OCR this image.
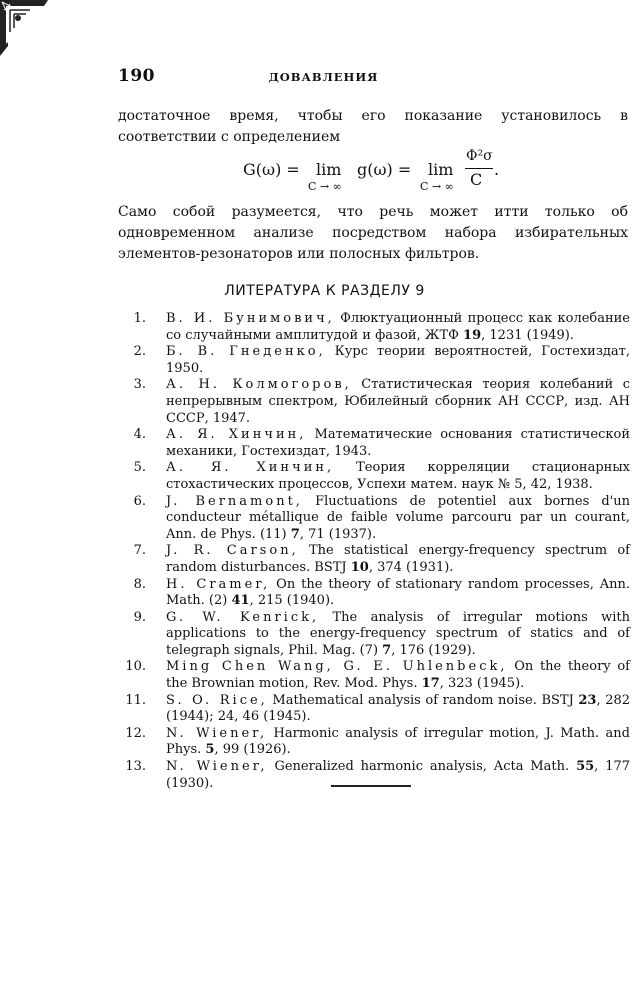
190	ДОВАВЛЕНИЯ
достаточное время, чтобы его показание установилось в соответствии с определением
G(ω) = lim
C → ∞
g(ω) = lim
C → ∞
Φ²σ
C
.
Само собой разумеется, что речь может итти только об одновременном анализе посредством набора избирательных элементов-резонаторов или полосных фильтров.
ЛИТЕРАТУРА К РАЗДЕЛУ 9
1. В. И. Бунимович, Флюктуационный процесс как колебание со случайными амплитудой и фазой, ЖТФ 19, 1231 (1949).
2. Б. В. Гнеденко, Курс теории вероятностей, Гостехиздат, 1950.
3. А. Н. Колмогоров, Статистическая теория колебаний с непрерывным спектром, Юбилейный сборник АН СССР, изд. АН СССР, 1947.
4. А. Я. Хинчин, Математические основания статистической механики, Гостехиздат, 1943.
5. А. Я. Хинчин, Теория корреляции стационарных стохастических процессов, Успехи матем. наук № 5, 42, 1938.
6. J. Bernamont, Fluctuations de potentiel aux bornes d'un conducteur métallique de faible volume parcouru par un courant, Ann. de Phys. (11) 7, 71 (1937).
7. J. R. Carson, The statistical energy-frequency spectrum of random disturbances. BSTJ 10, 374 (1931).
8. H. Cramer, On the theory of stationary random processes, Ann. Math. (2) 41, 215 (1940).
9. G. W. Kenrick, The analysis of irregular motions with applications to the energy-frequency spectrum of statics and of telegraph signals, Phil. Mag. (7) 7, 176 (1929).
10. Ming Chen Wang, G. E. Uhlenbeck, On the theory of the Brownian motion, Rev. Mod. Phys. 17, 323 (1945).
11. S. O. Rice, Mathematical analysis of random noise. BSTJ 23, 282 (1944); 24, 46 (1945).
12. N. Wiener, Harmonic analysis of irregular motion, J. Math. and Phys. 5, 99 (1926).
13. N. Wiener, Generalized harmonic analysis, Acta Math. 55, 177 (1930).
